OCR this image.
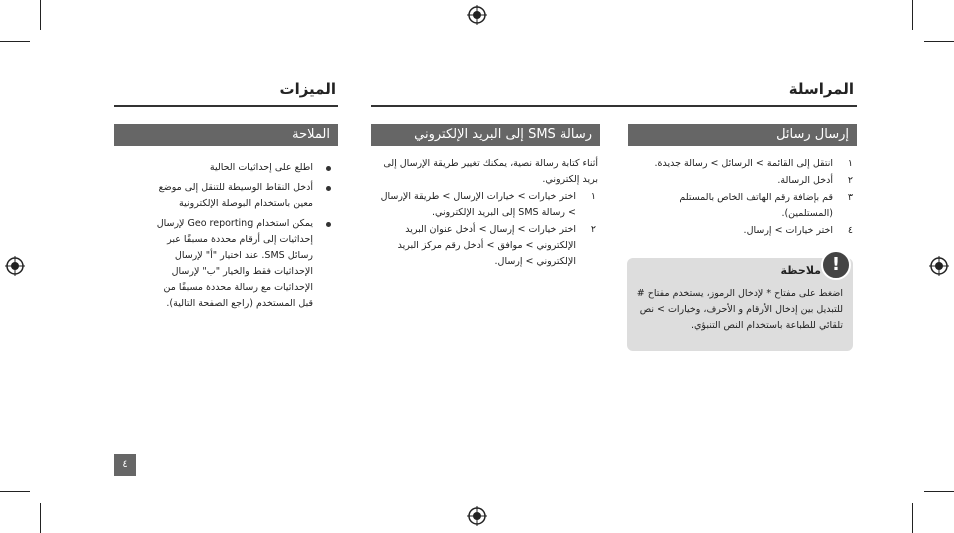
المراسلة
الميزات
إرسال رسائل
رسالة SMS إلى البريد الإلكتروني
الملاحة
١
انتقل إلى القائمة > الرسائل > رسالة جديدة.
٢
أدخل الرسالة.
٣
قم بإضافة رقم الهاتف الخاص بالمستلم (المستلمين).
٤
اختر خيارات > إرسال.
أثناء كتابة رسالة نصية، يمكنك تغيير طريقة الإرسال إلى بريد إلكتروني.
١
اختر خيارات > خيارات الإرسال > طريقة الإرسال > رسالة SMS إلى البريد الإلكتروني.
٢
اختر خيارات > إرسال > أدخل عنوان البريد الإلكتروني > موافق > أدخل رقم مركز البريد الإلكتروني > إرسال.
اطلع على إحداثيات الحالية
أدخل النقاط الوسيطة للتنقل إلى موضع معين باستخدام البوصلة الإلكترونية
يمكن استخدام Geo reporting لإرسال إحداثيات إلى أرقام محددة مسبقًا عبر رسائل SMS. عند اختيار "أ" لإرسال الإحداثيات فقط والخيار "ب" لإرسال الإحداثيات مع رسالة محددة مسبقًا من قبل المستخدم (راجع الصفحة التالية).
!
ملاحظة
اضغط على مفتاح * لإدخال الرموز، يستخدم مفتاح # للتبديل بين إدخال الأرقام و الأحرف، وخيارات > نص تلقائي للطباعة باستخدام النص التنبؤي.
٤
